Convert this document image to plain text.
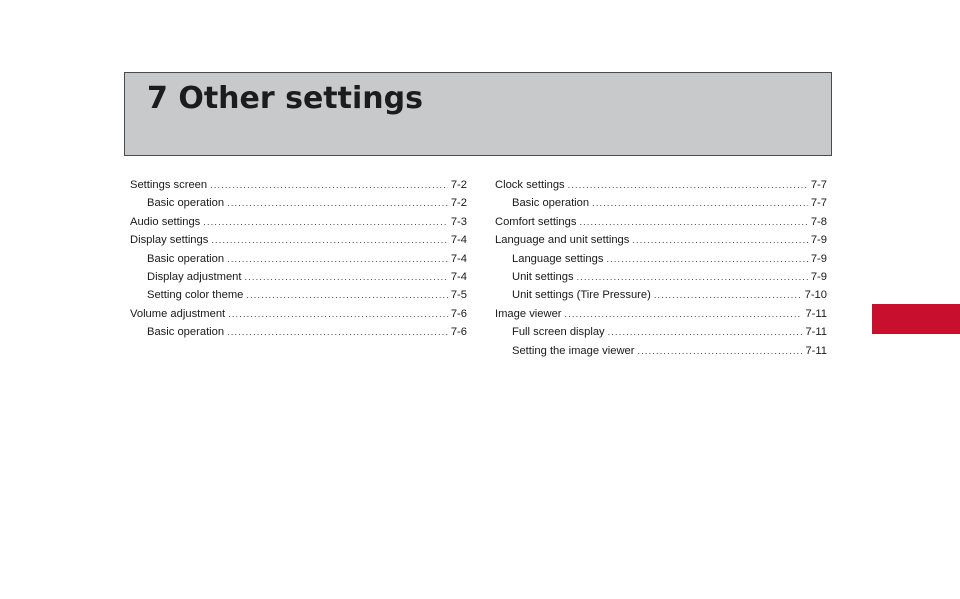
7 Other settings
Settings screen .....	7-2
Basic operation .....	7-2
Audio settings .....	7-3
Display settings .....	7-4
Basic operation .....	7-4
Display adjustment .....	7-4
Setting color theme .....	7-5
Volume adjustment .....	7-6
Basic operation .....	7-6
Clock settings .....	7-7
Basic operation .....	7-7
Comfort settings .....	7-8
Language and unit settings .....	7-9
Language settings .....	7-9
Unit settings .....	7-9
Unit settings (Tire Pressure) .....	7-10
Image viewer .....	7-11
Full screen display .....	7-11
Setting the image viewer .....	7-11
